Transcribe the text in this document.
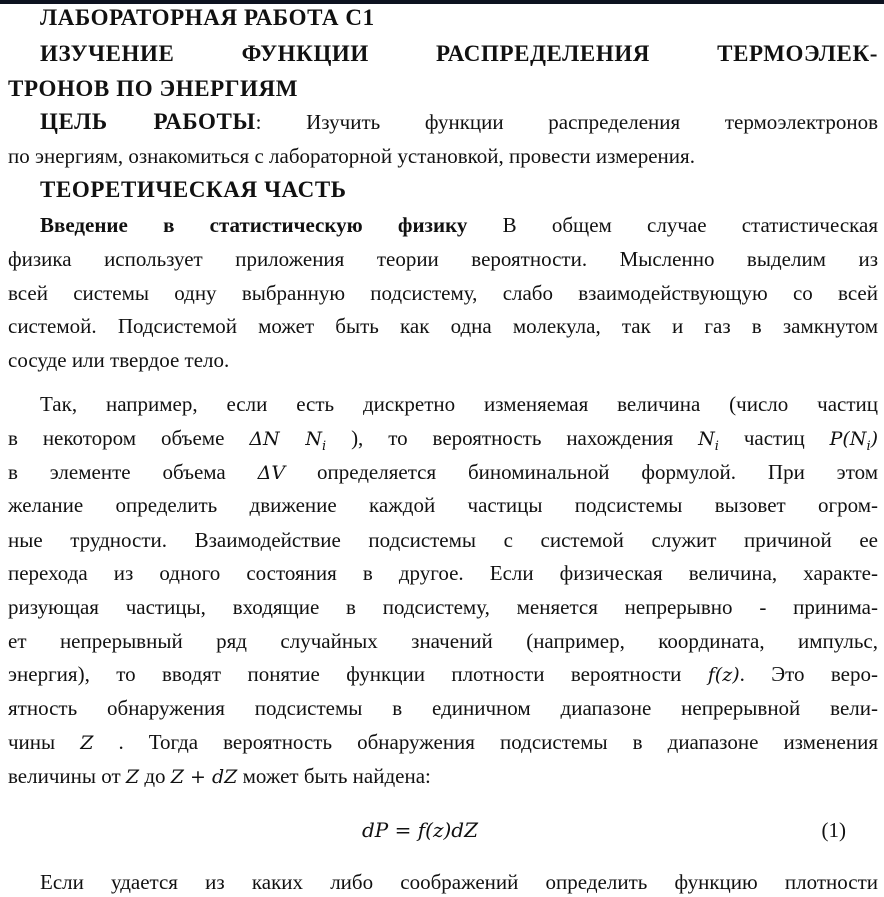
ЛАБОРАТОРНАЯ РАБОТА C1
ИЗУЧЕНИЕ ФУНКЦИИ РАСПРЕДЕЛЕНИЯ ТЕРМОЭЛЕК-
ТРОНОВ ПО ЭНЕРГИЯМ
ЦЕЛЬ РАБОТЫ: Изучить функции распределения термоэлектронов
по энергиям, ознакомиться с лабораторной установкой, провести измерения.
ТЕОРЕТИЧЕСКАЯ ЧАСТЬ
Введение в статистическую физику В общем случае статистическая
физика использует приложения теории вероятности. Мысленно выделим из
всей системы одну выбранную подсистему, слабо взаимодействующую со всей
системой. Подсистемой может быть как одна молекула, так и газ в замкнутом
сосуде или твердое тело.
Так, например, если есть дискретно изменяемая величина (число частиц
в некотором объеме ΔN $N_i$ ), то вероятность нахождения $N_i$ частиц $P(N_i)$
в элементе объема ΔV определяется биноминальной формулой. При этом
желание определить движение каждой частицы подсистемы вызовет огром-
ные трудности. Взаимодействие подсистемы с системой служит причиной ее
перехода из одного состояния в другое. Если физическая величина, характе-
ризующая частицы, входящие в подсистему, меняется непрерывно - принима-
ет непрерывный ряд случайных значений (например, координата, импульс,
энергия), то вводят понятие функции плотности вероятности f(z). Это веро-
ятность обнаружения подсистемы в единичном диапазоне непрерывной вели-
чины Z . Тогда вероятность обнаружения подсистемы в диапазоне изменения
величины от Z до Z + dZ может быть найдена:
Если удается из каких либо соображений определить функцию плотности
dP = f(z)dZ	(1)
